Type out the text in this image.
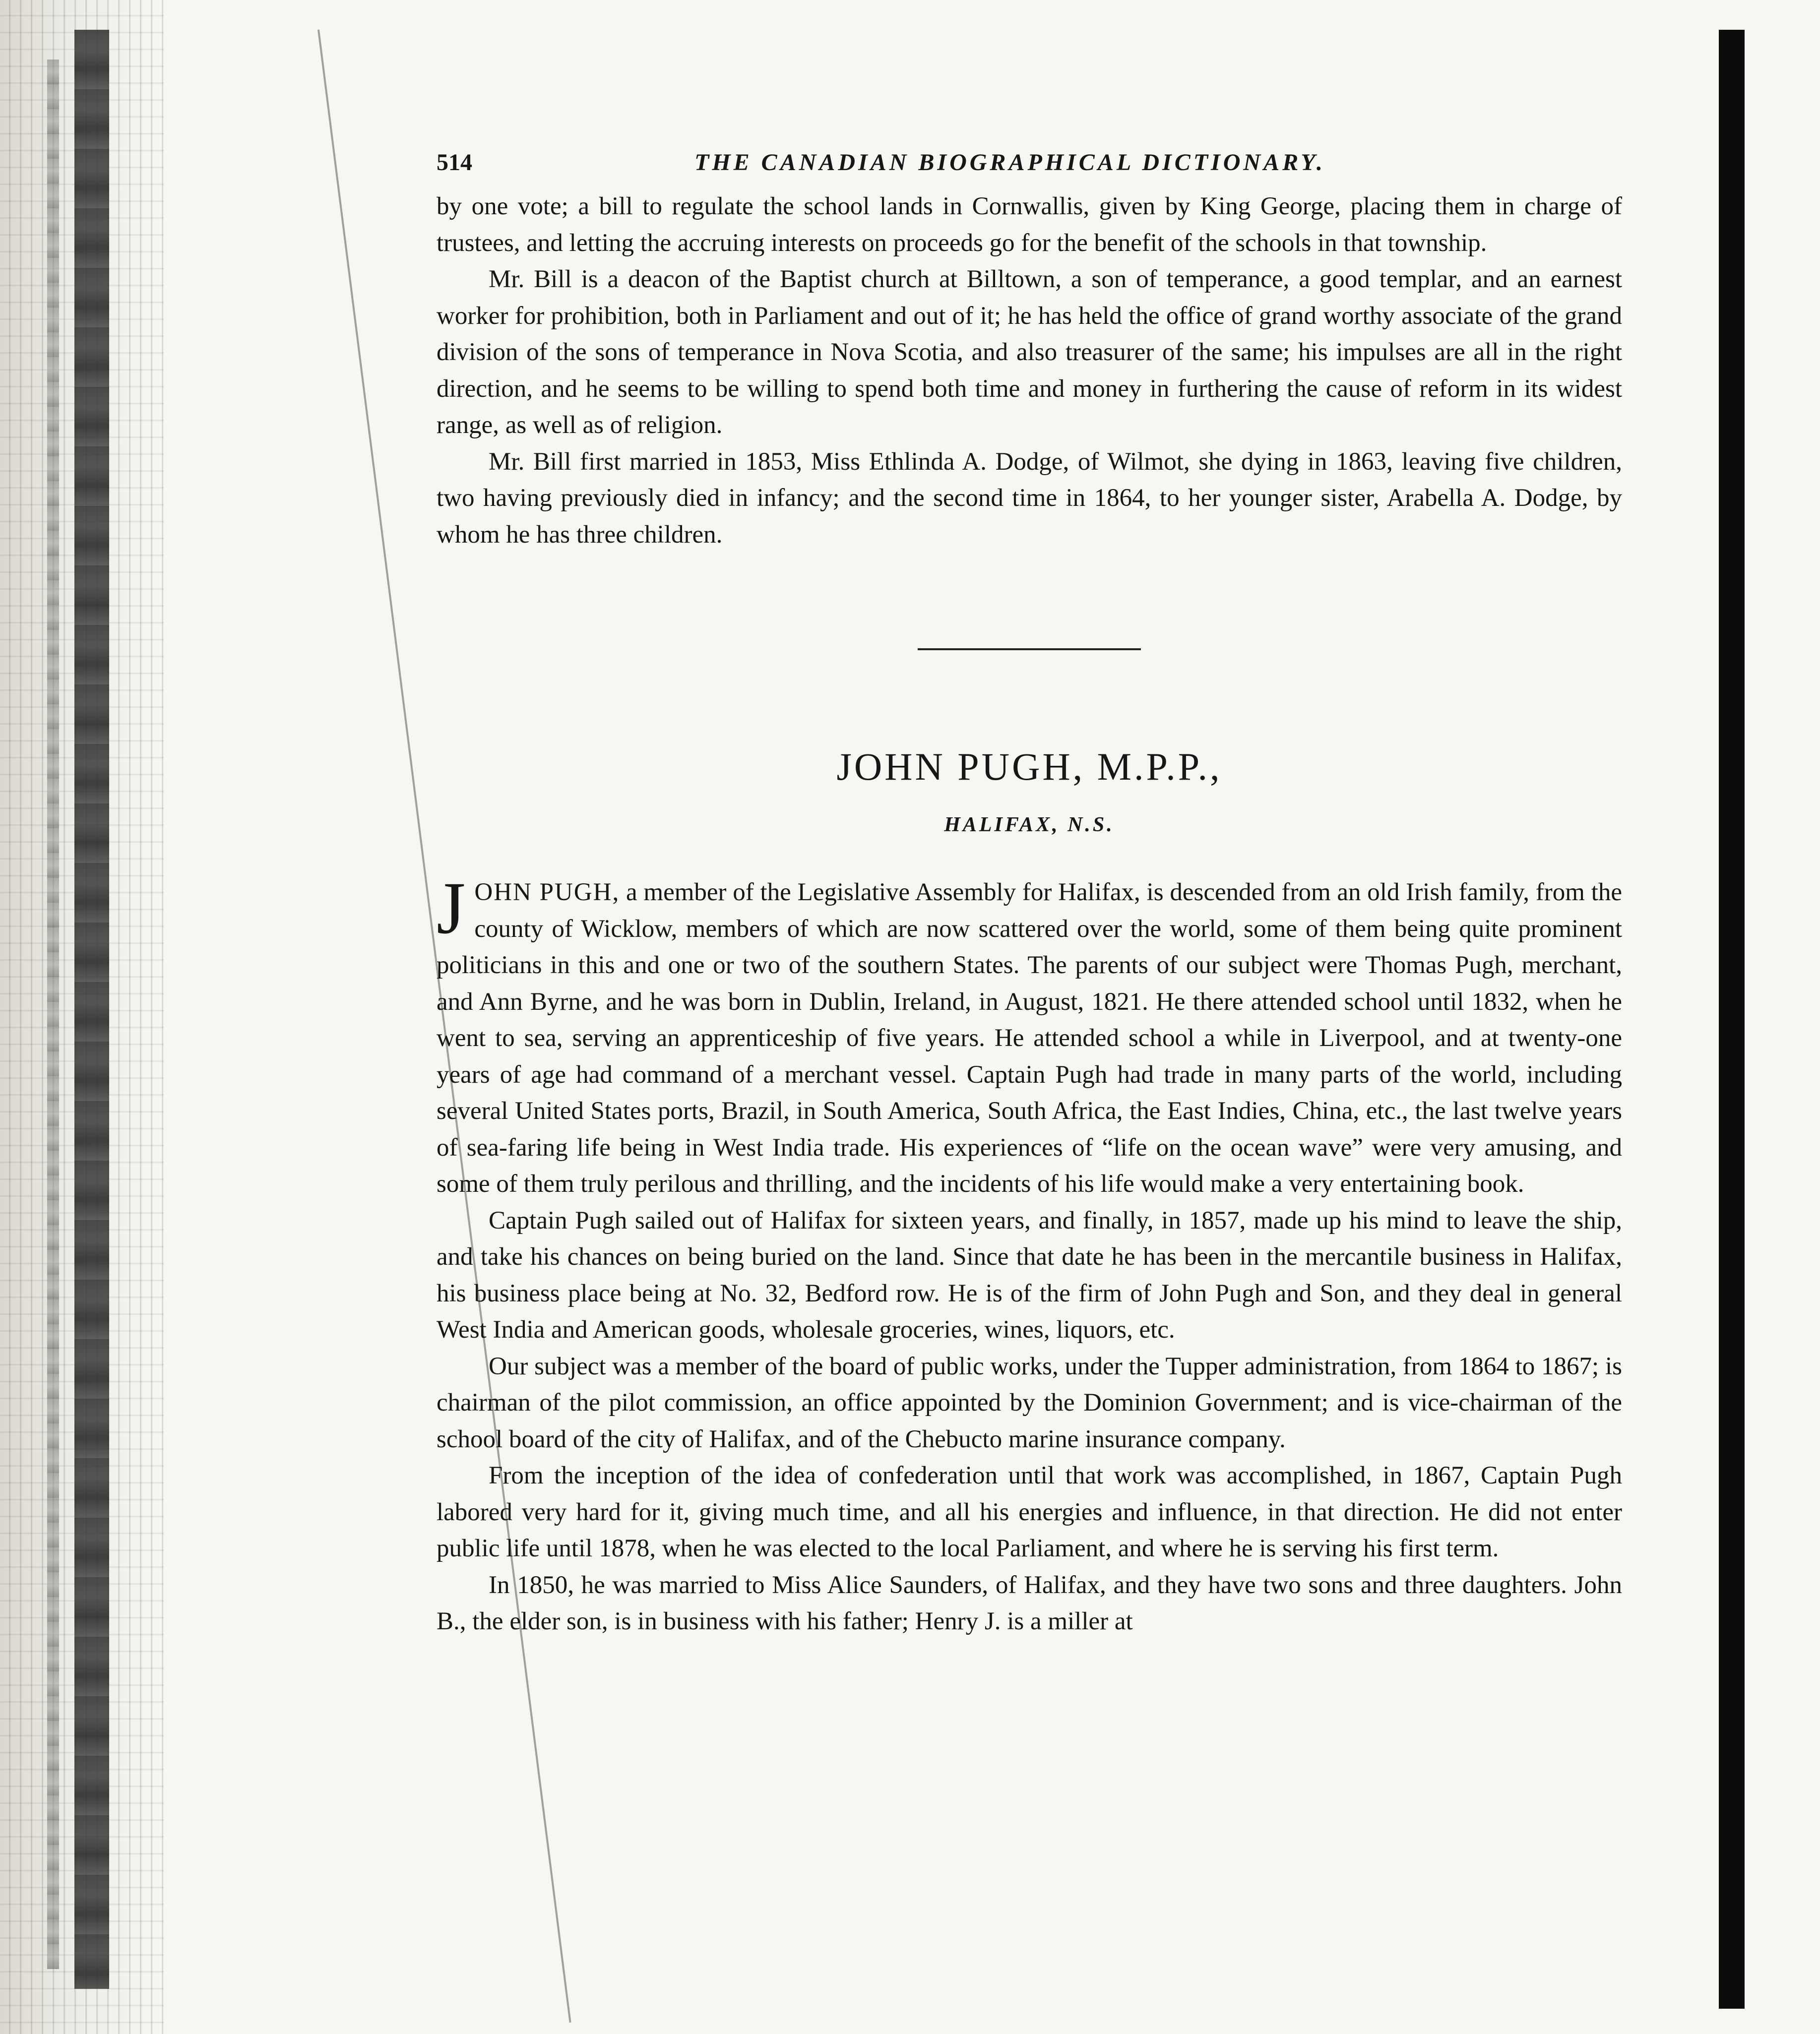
514	THE CANADIAN BIOGRAPHICAL DICTIONARY.

by one vote; a bill to regulate the school lands in Cornwallis, given by King George, placing them in charge of trustees, and letting the accruing interests on proceeds go for the benefit of the schools in that township.

Mr. Bill is a deacon of the Baptist church at Billtown, a son of temperance, a good templar, and an earnest worker for prohibition, both in Parliament and out of it; he has held the office of grand worthy associate of the grand division of the sons of temperance in Nova Scotia, and also treasurer of the same; his impulses are all in the right direction, and he seems to be willing to spend both time and money in furthering the cause of reform in its widest range, as well as of religion.

Mr. Bill first married in 1853, Miss Ethlinda A. Dodge, of Wilmot, she dying in 1863, leaving five children, two having previously died in infancy; and the second time in 1864, to her younger sister, Arabella A. Dodge, by whom he has three children.

JOHN PUGH, M.P.P.,
HALIFAX, N.S.

JOHN PUGH, a member of the Legislative Assembly for Halifax, is descended from an old Irish family, from the county of Wicklow, members of which are now scattered over the world, some of them being quite prominent politicians in this and one or two of the southern States. The parents of our subject were Thomas Pugh, merchant, and Ann Byrne, and he was born in Dublin, Ireland, in August, 1821. He there attended school until 1832, when he went to sea, serving an apprenticeship of five years. He attended school a while in Liverpool, and at twenty-one years of age had command of a merchant vessel. Captain Pugh had trade in many parts of the world, including several United States ports, Brazil, in South America, South Africa, the East Indies, China, etc., the last twelve years of sea-faring life being in West India trade. His experiences of “life on the ocean wave” were very amusing, and some of them truly perilous and thrilling, and the incidents of his life would make a very entertaining book.

Captain Pugh sailed out of Halifax for sixteen years, and finally, in 1857, made up his mind to leave the ship, and take his chances on being buried on the land. Since that date he has been in the mercantile business in Halifax, his business place being at No. 32, Bedford row. He is of the firm of John Pugh and Son, and they deal in general West India and American goods, wholesale groceries, wines, liquors, etc.

Our subject was a member of the board of public works, under the Tupper administration, from 1864 to 1867; is chairman of the pilot commission, an office appointed by the Dominion Government; and is vice-chairman of the school board of the city of Halifax, and of the Chebucto marine insurance company.

From the inception of the idea of confederation until that work was accomplished, in 1867, Captain Pugh labored very hard for it, giving much time, and all his energies and influence, in that direction. He did not enter public life until 1878, when he was elected to the local Parliament, and where he is serving his first term.

In 1850, he was married to Miss Alice Saunders, of Halifax, and they have two sons and three daughters. John B., the elder son, is in business with his father; Henry J. is a miller at
